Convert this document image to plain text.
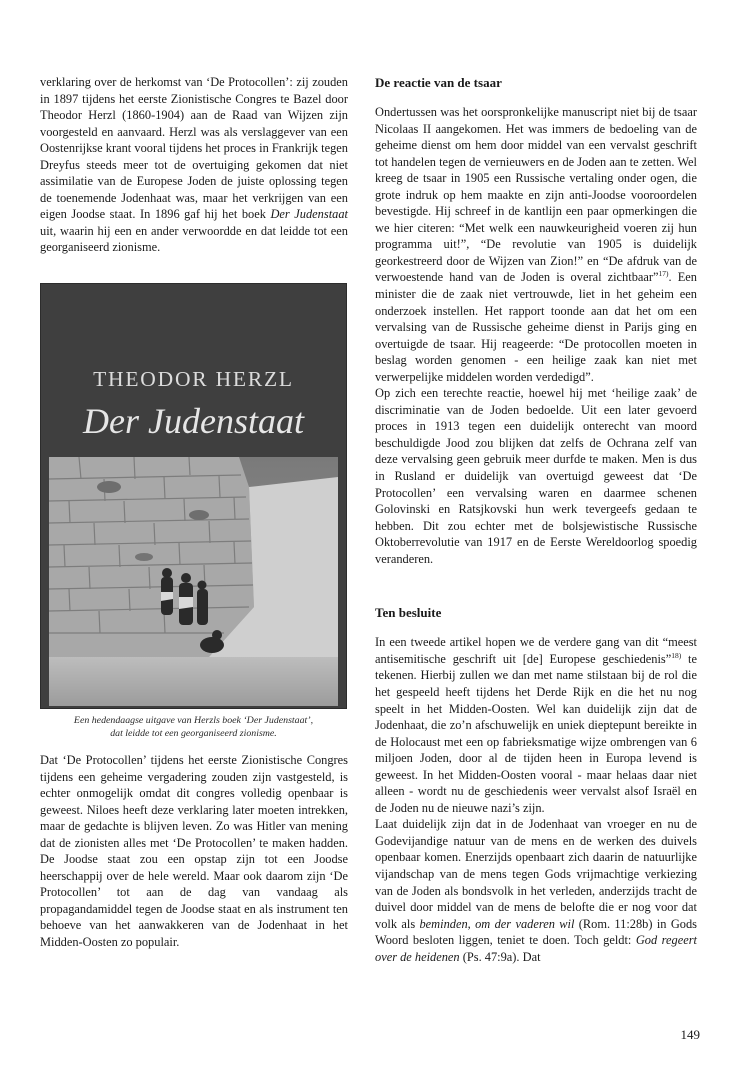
verklaring over de herkomst van ‘De Protocollen’: zij zouden in 1897 tijdens het eerste Zionistische Congres te Bazel door Theodor Herzl (1860-1904) aan de Raad van Wijzen zijn voorgesteld en aanvaard. Herzl was als verslaggever van een Oostenrijkse krant vooral tijdens het proces in Frankrijk tegen Dreyfus steeds meer tot de overtuiging gekomen dat niet assimilatie van de Europese Joden de juiste oplossing tegen de toenemende Jodenhaat was, maar het verkrijgen van een eigen Joodse staat. In 1896 gaf hij het boek Der Judenstaat uit, waarin hij een en ander verwoordde en dat leidde tot een georganiseerd zionisme.

THEODOR HERZL
Der Judenstaat
Een hedendaagse uitgave van Herzls boek ‘Der Judenstaat’,
dat leidde tot een georganiseerd zionisme.

Dat ‘De Protocollen’ tijdens het eerste Zionistische Congres tijdens een geheime vergadering zouden zijn vastgesteld, is echter onmogelijk omdat dit congres volledig openbaar is geweest. Niloes heeft deze verklaring later moeten intrekken, maar de gedachte is blijven leven. Zo was Hitler van mening dat de zionisten alles met ‘De Protocollen’ te maken hadden. De Joodse staat zou een opstap zijn tot een Joodse heerschappij over de hele wereld. Maar ook daarom zijn ‘De Protocollen’ tot aan de dag van vandaag als propagandamiddel tegen de Joodse staat en als instrument ten behoeve van het aanwakkeren van de Jodenhaat in het Midden-Oosten zo populair.

De reactie van de tsaar

Ondertussen was het oorspronkelijke manuscript niet bij de tsaar Nicolaas II aangekomen. Het was immers de bedoeling van de geheime dienst om hem door middel van een vervalst geschrift tot handelen tegen de vernieuwers en de Joden aan te zetten. Wel kreeg de tsaar in 1905 een Russische vertaling onder ogen, die grote indruk op hem maakte en zijn anti-Joodse vooroordelen bevestigde. Hij schreef in de kantlijn een paar opmerkingen die we hier citeren: “Met welk een nauwkeurigheid voeren zij hun programma uit!”, “De revolutie van 1905 is duidelijk georkestreerd door de Wijzen van Zion!” en “De afdruk van de verwoestende hand van de Joden is overal zichtbaar”$^{17)}$. Een minister die de zaak niet vertrouwde, liet in het geheim een onderzoek instellen. Het rapport toonde aan dat het om een vervalsing van de Russische geheime dienst in Parijs ging en overtuigde de tsaar. Hij reageerde: “De protocollen moeten in beslag worden genomen - een heilige zaak kan niet met verwerpelijke middelen worden verdedigd”.

Op zich een terechte reactie, hoewel hij met ‘heilige zaak’ de discriminatie van de Joden bedoelde. Uit een later gevoerd proces in 1913 tegen een duidelijk onterecht van moord beschuldigde Jood zou blijken dat zelfs de Ochrana zelf van deze vervalsing geen gebruik meer durfde te maken. Men is dus in Rusland er duidelijk van overtuigd geweest dat ‘De Protocollen’ een vervalsing waren en daarmee schenen Golovinski en Ratsjkovski hun werk tevergeefs gedaan te hebben. Dit zou echter met de bolsjewistische Russische Oktoberrevolutie van 1917 en de Eerste Wereldoorlog spoedig veranderen.

Ten besluite

In een tweede artikel hopen we de verdere gang van dit “meest antisemitische geschrift uit [de] Europese geschiedenis”$^{18)}$ te tekenen. Hierbij zullen we dan met name stilstaan bij de rol die het gespeeld heeft tijdens het Derde Rijk en die het nu nog speelt in het Midden-Oosten. Wel kan duidelijk zijn dat de Jodenhaat, die zo’n afschuwelijk en uniek dieptepunt bereikte in de Holocaust met een op fabrieksmatige wijze ombrengen van 6 miljoen Joden, door al de tijden heen in Europa levend is geweest. In het Midden-Oosten vooral - maar helaas daar niet alleen - wordt nu de geschiedenis weer vervalst alsof Israël en de Joden nu de nieuwe nazi’s zijn.

Laat duidelijk zijn dat in de Jodenhaat van vroeger en nu de Godevijandige natuur van de mens en de werken des duivels openbaar komen. Enerzijds openbaart zich daarin de natuurlijke vijandschap van de mens tegen Gods vrijmachtige verkiezing van de Joden als bondsvolk in het verleden, anderzijds tracht de duivel door middel van de mens de belofte die er nog voor dat volk als beminden, om der vaderen wil (Rom. 11:28b) in Gods Woord besloten liggen, teniet te doen. Toch geldt: God regeert over de heidenen (Ps. 47:9a). Dat

149
